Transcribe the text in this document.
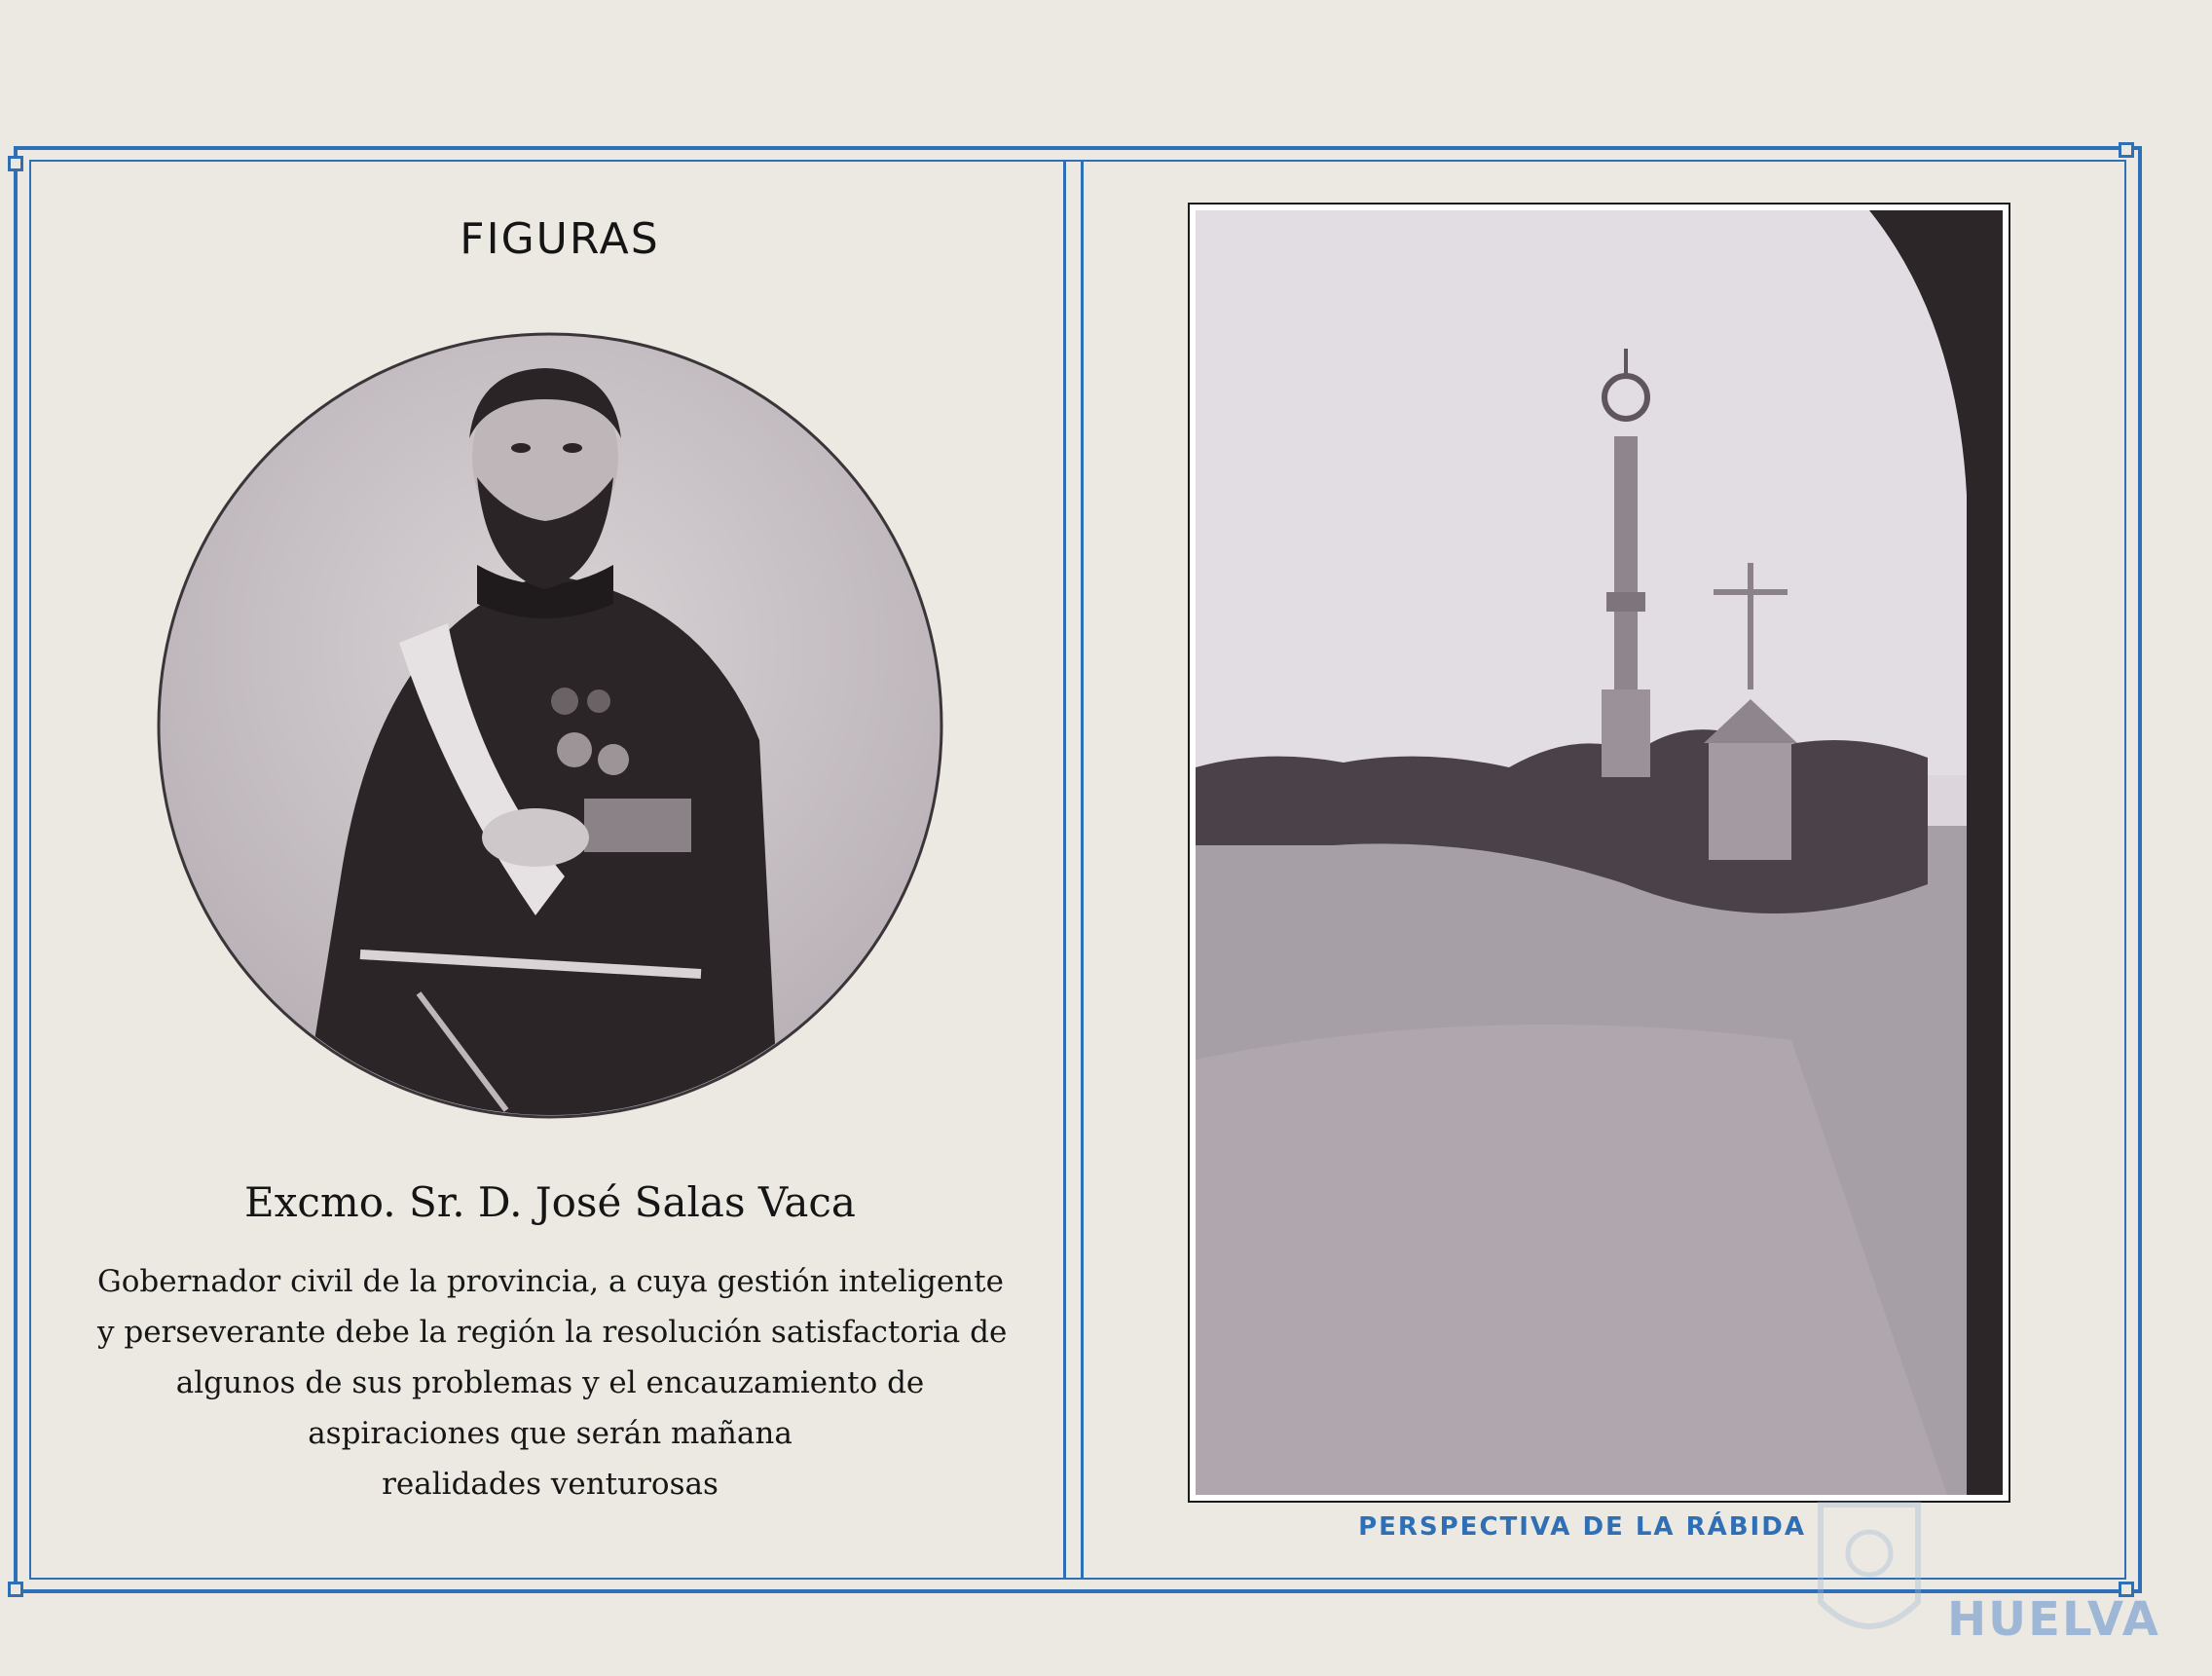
FIGURAS
Excmo. Sr. D. José Salas Vaca
Gobernador civil de la provincia, a cuya gestión inteligente
y perseverante debe la región la resolución satisfactoria de
algunos de sus problemas y el encauzamiento de
aspiraciones que serán mañana
realidades venturosas
PERSPECTIVA DE LA RÁBIDA
HUELVA
